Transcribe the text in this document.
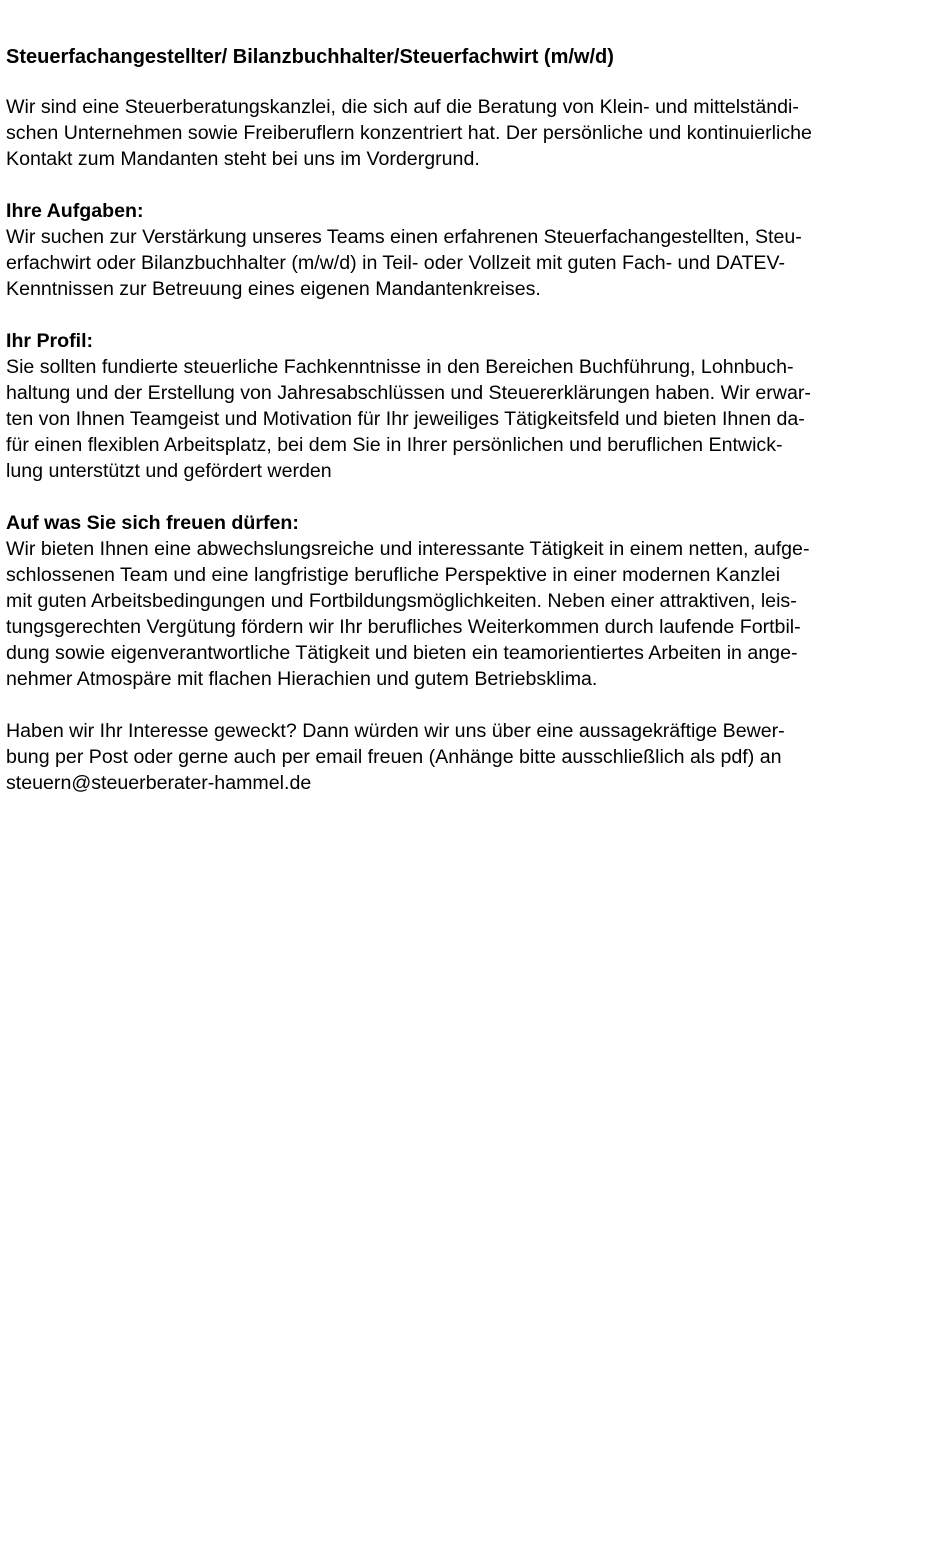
Steuerfachangestellter/ Bilanzbuchhalter/Steuerfachwirt (m/w/d)
Wir sind eine Steuerberatungskanzlei, die sich auf die Beratung von Klein- und mittelständi-
schen Unternehmen sowie Freiberuflern konzentriert hat. Der persönliche und kontinuierliche
Kontakt zum Mandanten steht bei uns im Vordergrund.
Ihre Aufgaben:
Wir suchen zur Verstärkung unseres Teams einen erfahrenen Steuerfachangestellten, Steu-
erfachwirt oder Bilanzbuchhalter (m/w/d) in Teil- oder Vollzeit mit guten Fach- und DATEV-
Kenntnissen zur Betreuung eines eigenen Mandantenkreises.
Ihr Profil:
Sie sollten fundierte steuerliche Fachkenntnisse in den Bereichen Buchführung, Lohnbuch-
haltung und der Erstellung von Jahresabschlüssen und Steuererklärungen haben. Wir erwar-
ten von Ihnen Teamgeist und Motivation für Ihr jeweiliges Tätigkeitsfeld und bieten Ihnen da-
für einen flexiblen Arbeitsplatz, bei dem Sie in Ihrer persönlichen und beruflichen Entwick-
lung unterstützt und gefördert werden
Auf was Sie sich freuen dürfen:
Wir bieten Ihnen eine abwechslungsreiche und interessante Tätigkeit in einem netten, aufge-
schlossenen Team und eine langfristige berufliche Perspektive in einer modernen Kanzlei
mit guten Arbeitsbedingungen und Fortbildungsmöglichkeiten. Neben einer attraktiven, leis-
tungsgerechten Vergütung fördern wir Ihr berufliches Weiterkommen durch laufende Fortbil-
dung sowie eigenverantwortliche Tätigkeit und bieten ein teamorientiertes Arbeiten in ange-
nehmer Atmospäre mit flachen Hierachien und gutem Betriebsklima.
Haben wir Ihr Interesse geweckt? Dann würden wir uns über eine aussagekräftige Bewer-
bung per Post oder gerne auch per email freuen (Anhänge bitte ausschließlich als pdf) an
steuern@steuerberater-hammel.de
